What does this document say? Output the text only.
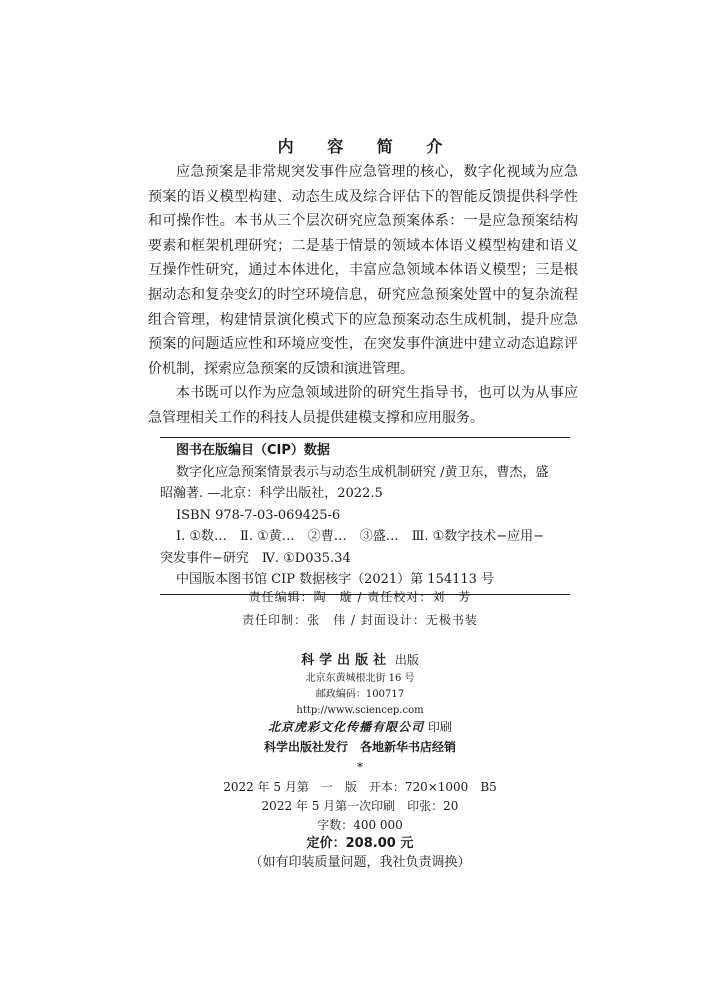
内 容 简 介

应急预案是非常规突发事件应急管理的核心，数字化视域为应急预案的语义模型构建、动态生成及综合评估下的智能反馈提供科学性和可操作性。本书从三个层次研究应急预案体系：一是应急预案结构要素和框架机理研究；二是基于情景的领域本体语义模型构建和语义互操作性研究，通过本体进化，丰富应急领域本体语义模型；三是根据动态和复杂变幻的时空环境信息，研究应急预案处置中的复杂流程组合管理，构建情景演化模式下的应急预案动态生成机制，提升应急预案的问题适应性和环境应变性，在突发事件演进中建立动态追踪评价机制，探索应急预案的反馈和演进管理。

本书既可以作为应急领域进阶的研究生指导书，也可以为从事应急管理相关工作的科技人员提供建模支撑和应用服务。

图书在版编目（CIP）数据
数字化应急预案情景表示与动态生成机制研究 /黄卫东，曹杰，盛
昭瀚著. —北京：科学出版社，2022.5
ISBN 978-7-03-069425-6
Ⅰ. ①数…　Ⅱ. ①黄…　②曹…　③盛…　Ⅲ. ①数字技术−应用−
突发事件−研究　Ⅳ. ①D035.34
中国版本图书馆 CIP 数据核字（2021）第 154113 号
责任编辑：陶　璇 / 责任校对：刘　芳
责任印制：张　伟 / 封面设计：无极书装
科学出版社 出版
北京东黄城根北街 16 号
邮政编码：100717
http://www.sciencep.com
北京虎彩文化传播有限公司 印刷
科学出版社发行　各地新华书店经销
*
2022 年 5 月第　一　版　开本：720×1000　B5
2022 年 5 月第一次印刷　印张：20
字数：400 000
定价：208.00 元
（如有印装质量问题，我社负责调换）
